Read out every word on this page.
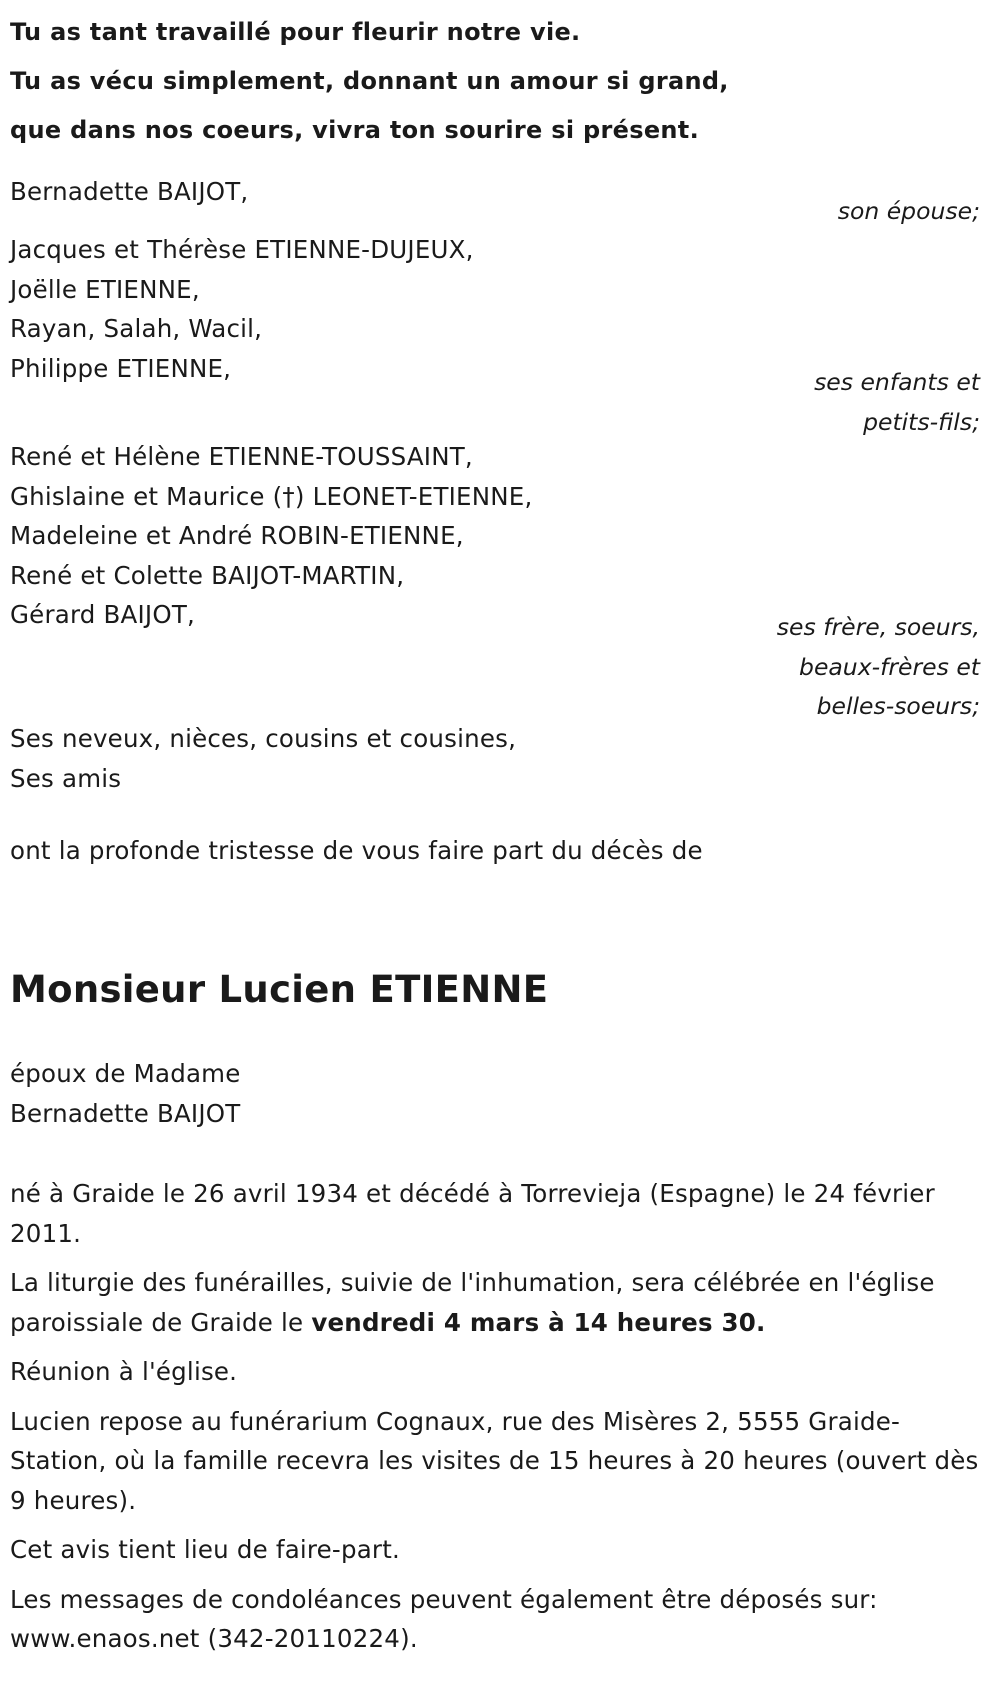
Tu as tant travaillé pour fleurir notre vie.

Tu as vécu simplement, donnant un amour si grand,

que dans nos coeurs, vivra ton sourire si présent.

Bernadette BAIJOT,
son épouse;
Jacques et Thérèse ETIENNE-DUJEUX,
Joëlle ETIENNE,
Rayan, Salah, Wacil,
Philippe ETIENNE,	ses enfants et
petits-fils;
René et Hélène ETIENNE-TOUSSAINT,
Ghislaine et Maurice (†) LEONET-ETIENNE,
Madeleine et André ROBIN-ETIENNE,
René et Colette BAIJOT-MARTIN,
Gérard BAIJOT,	ses frère, soeurs,
beaux-frères et
belles-soeurs;
Ses neveux, nièces, cousins et cousines,
Ses amis
ont la profonde tristesse de vous faire part du décès de
Monsieur Lucien ETIENNE
époux de Madame
Bernadette BAIJOT

né à Graide le 26 avril 1934 et décédé à Torrevieja (Espagne) le 24 février 2011.

La liturgie des funérailles, suivie de l'inhumation, sera célébrée en l'église paroissiale de Graide le vendredi 4 mars à 14 heures 30.

Réunion à l'église.

Lucien repose au funérarium Cognaux, rue des Misères 2, 5555 Graide-Station, où la famille recevra les visites de 15 heures à 20 heures (ouvert dès 9 heures).

Cet avis tient lieu de faire-part.

Les messages de condoléances peuvent également être déposés sur: www.enaos.net (342-20110224).
